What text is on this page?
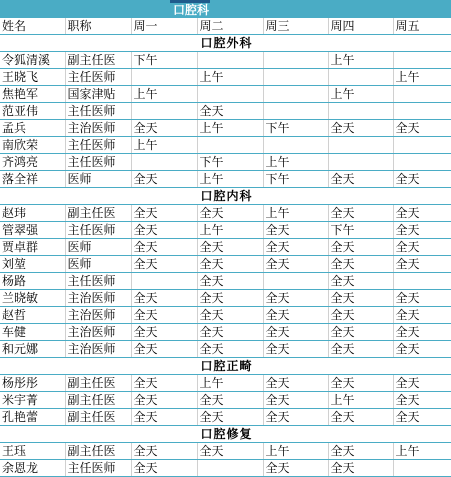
口腔科
姓名	职称	周一	周二	周三	周四	周五
口腔外科						
令狐清溪	副主任医	下午			上午	
王晓飞	主任医师		上午			上午
焦艳军	国家津贴	上午			上午	
范亚伟	主任医师		全天			
孟兵	主治医师	全天	上午	下午	全天	全天
南欣荣	主任医师	上午				
齐鸿亮	主任医师		下午	上午		
落全祥	医师	全天	上午	下午	全天	全天
口腔内科						
赵玮	副主任医	全天	全天	上午	全天	全天
管翠强	主任医师	全天	上午	全天	下午	全天
贾卓群	医师	全天	全天	全天	全天	全天
刘堃	医师	全天	全天	全天	全天	全天
杨路	主任医师		全天		全天	
兰晓敏	主治医师	全天	全天	全天	全天	全天
赵哲	主治医师	全天	全天	全天	全天	全天
车健	主治医师	全天	全天	全天	全天	全天
和元娜	主治医师	全天	全天	全天	全天	全天
口腔正畸						
杨彤彤	副主任医	全天	上午	全天	全天	全天
米宇菁	副主任医	全天	全天	全天	上午	全天
孔艳蕾	副主任医	全天	全天	全天	全天	全天
口腔修复						
王珏	副主任医	全天	全天	上午	全天	上午
余恩龙	主任医师	全天		全天	全天	
